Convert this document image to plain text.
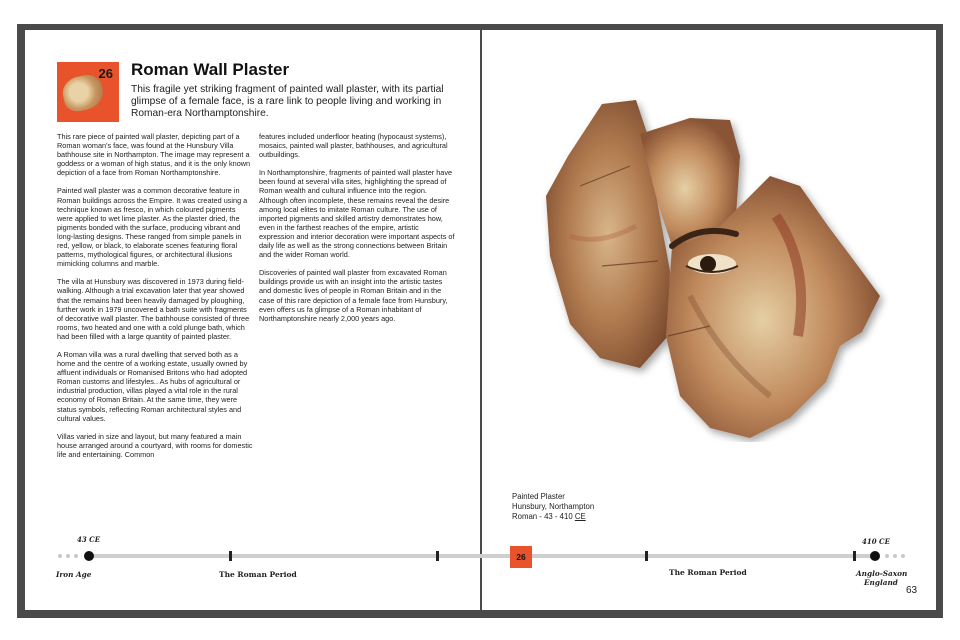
26 Roman Wall Plaster
This fragile yet striking fragment of painted wall plaster, with its partial glimpse of a female face, is a rare link to people living and working in Roman-era Northamptonshire.

This rare piece of painted wall plaster, depicting part of a Roman woman's face, was found at the Hunsbury Villa bathhouse site in Northampton. The image may represent a goddess or a woman of high status, and it is the only known depiction of a face from Roman Northamptonshire.

Painted wall plaster was a common decorative feature in Roman buildings across the Empire. It was created using a technique known as fresco, in which coloured pigments were applied to wet lime plaster. As the plaster dried, the pigments bonded with the surface, producing vibrant and long-lasting designs. These ranged from simple panels in red, yellow, or black, to elaborate scenes featuring floral patterns, mythological figures, or architectural illusions mimicking columns and marble.

The villa at Hunsbury was discovered in 1973 during field-walking. Although a trial excavation later that year showed that the remains had been heavily damaged by ploughing, further work in 1979 uncovered a bath suite with fragments of decorative wall plaster. The bathhouse consisted of three rooms, two heated and one with a cold plunge bath, which had been filled with a large quantity of painted plaster.

A Roman villa was a rural dwelling that served both as a home and the centre of a working estate, usually owned by affluent individuals or Romanised Britons who had adopted Roman customs and lifestyles.. As hubs of agricultural or industrial production, villas played a vital role in the rural economy of Roman Britain. At the same time, they were status symbols, reflecting Roman architectural styles and cultural values.

Villas varied in size and layout, but many featured a main house arranged around a courtyard, with rooms for domestic life and entertaining. Common

features included underfloor heating (hypocaust systems), mosaics, painted wall plaster, bathhouses, and agricultural outbuildings.

In Northamptonshire, fragments of painted wall plaster have been found at several villa sites, highlighting the spread of Roman wealth and cultural influence into the region. Although often incomplete, these remains reveal the desire among local elites to imitate Roman culture. The use of imported pigments and skilled artistry demonstrates how, even in the farthest reaches of the empire, artistic expression and interior decoration were important aspects of daily life as well as the strong connections between Britain and the wider Roman world.

Discoveries of painted wall plaster from excavated Roman buildings provide us with an insight into the artistic tastes and domestic lives of people in Roman Britain and in the case of this rare depiction of a female face from Hunsbury, even offers us fa glimpse of a Roman inhabitant of Northamptonshire nearly 2,000 years ago.

Painted Plaster
Hunsbury, Northampton
Roman - 43 - 410 CE
26
43 CE	410 CE
Iron Age	The Roman Period	The Roman Period	Anglo-Saxon
England
63
